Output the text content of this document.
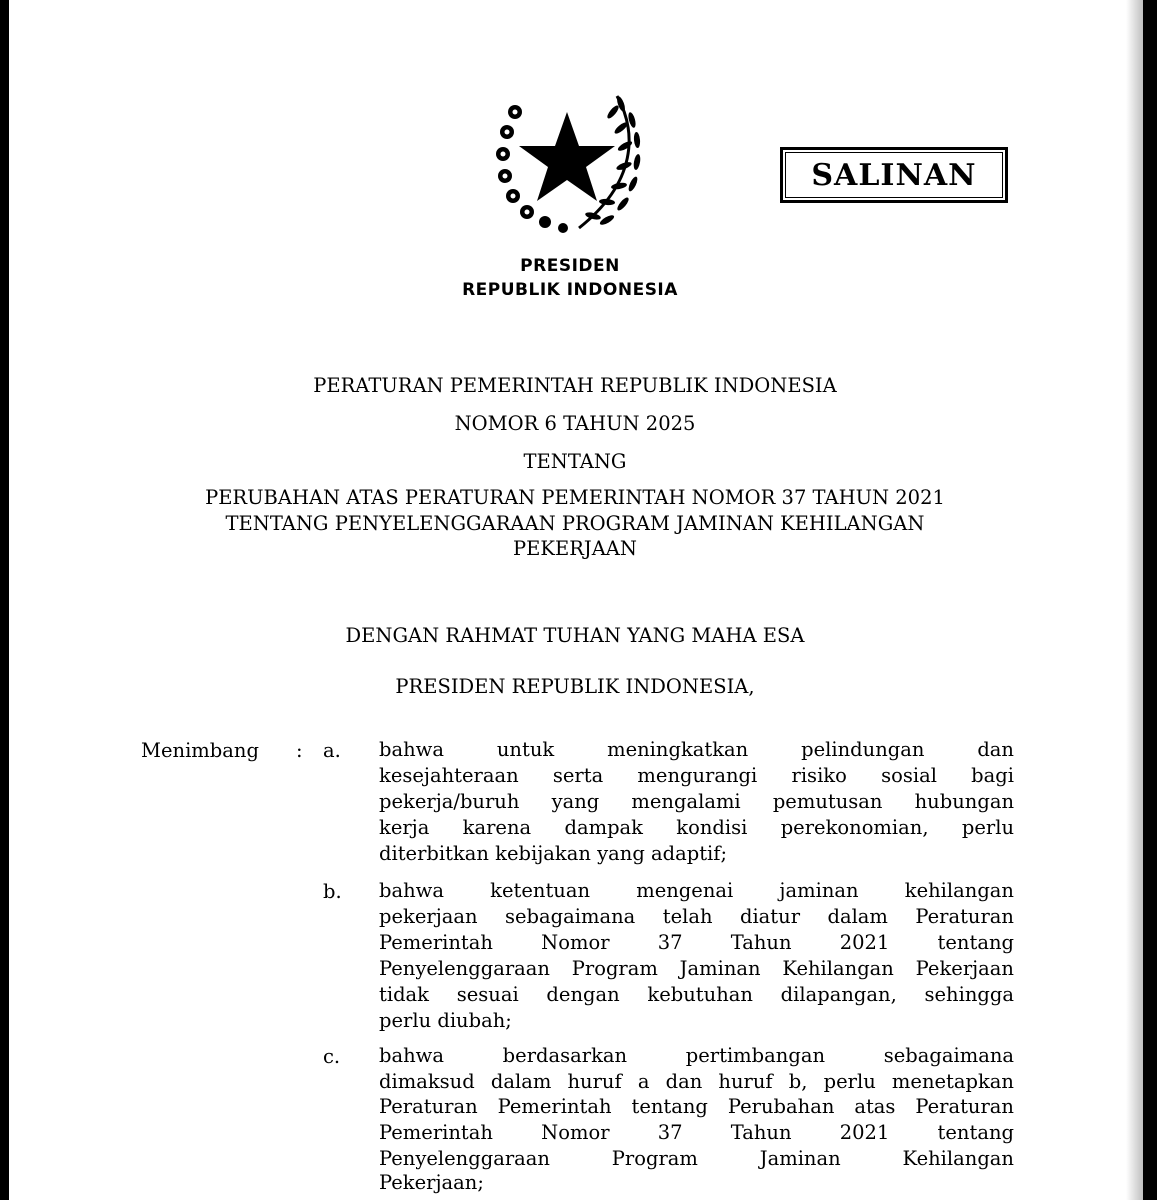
SALINAN
PRESIDEN
REPUBLIK INDONESIA
PERATURAN PEMERINTAH REPUBLIK INDONESIA
NOMOR 6 TAHUN 2025
TENTANG
PERUBAHAN ATAS PERATURAN PEMERINTAH NOMOR 37 TAHUN 2021
TENTANG PENYELENGGARAAN PROGRAM JAMINAN KEHILANGAN
PEKERJAAN
DENGAN RAHMAT TUHAN YANG MAHA ESA
PRESIDEN REPUBLIK INDONESIA,
Menimbang : a. bahwa untuk meningkatkan pelindungan dan
kesejahteraan serta mengurangi risiko sosial bagi
pekerja/buruh yang mengalami pemutusan hubungan
kerja karena dampak kondisi perekonomian, perlu
diterbitkan kebijakan yang adaptif;
b. bahwa ketentuan mengenai jaminan kehilangan
pekerjaan sebagaimana telah diatur dalam Peraturan
Pemerintah Nomor 37 Tahun 2021 tentang
Penyelenggaraan Program Jaminan Kehilangan Pekerjaan
tidak sesuai dengan kebutuhan dilapangan, sehingga
perlu diubah;
c. bahwa berdasarkan pertimbangan sebagaimana
dimaksud dalam huruf a dan huruf b, perlu menetapkan
Peraturan Pemerintah tentang Perubahan atas Peraturan
Pemerintah Nomor 37 Tahun 2021 tentang
Penyelenggaraan Program Jaminan Kehilangan
Pekerjaan;
